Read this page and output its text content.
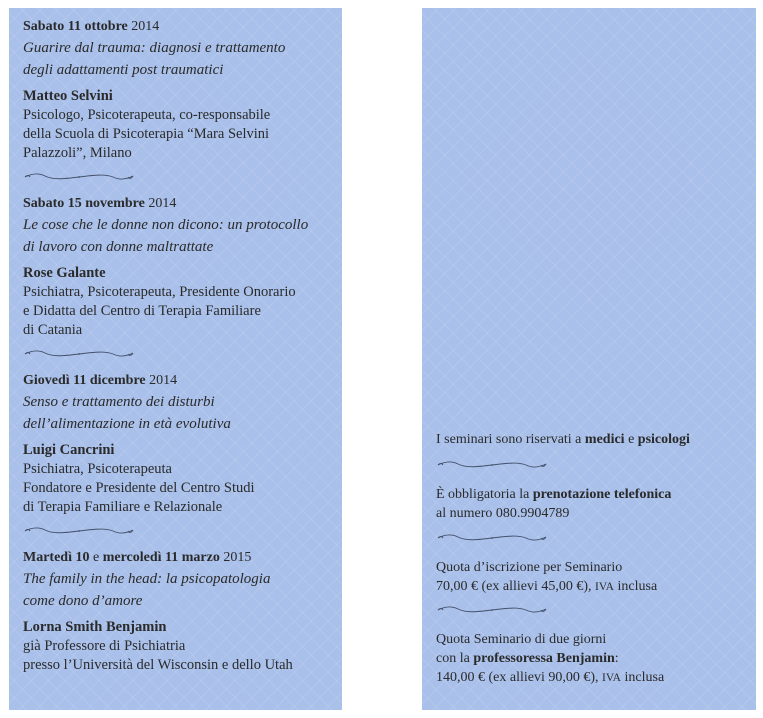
Sabato 11 ottobre 2014
Guarire dal trauma: diagnosi e trattamento
degli adattamenti post traumatici
Matteo Selvini
Psicologo, Psicoterapeuta, co-responsabile
della Scuola di Psicoterapia “Mara Selvini
Palazzoli”, Milano
Sabato 15 novembre 2014
Le cose che le donne non dicono: un protocollo
di lavoro con donne maltrattate
Rose Galante
Psichiatra, Psicoterapeuta, Presidente Onorario
e Didatta del Centro di Terapia Familiare
di Catania
Giovedì 11 dicembre 2014
Senso e trattamento dei disturbi
dell’alimentazione in età evolutiva
Luigi Cancrini
Psichiatra, Psicoterapeuta
Fondatore e Presidente del Centro Studi
di Terapia Familiare e Relazionale
Martedì 10 e mercoledì 11 marzo 2015
The family in the head: la psicopatologia
come dono d’amore
Lorna Smith Benjamin
già Professore di Psichiatria
presso l’Università del Wisconsin e dello Utah
I seminari sono riservati a medici e psicologi
È obbligatoria la prenotazione telefonica
al numero 080.9904789
Quota d’iscrizione per Seminario
70,00 € (ex allievi 45,00 €), IVA inclusa
Quota Seminario di due giorni
con la professoressa Benjamin:
140,00 € (ex allievi 90,00 €), IVA inclusa
